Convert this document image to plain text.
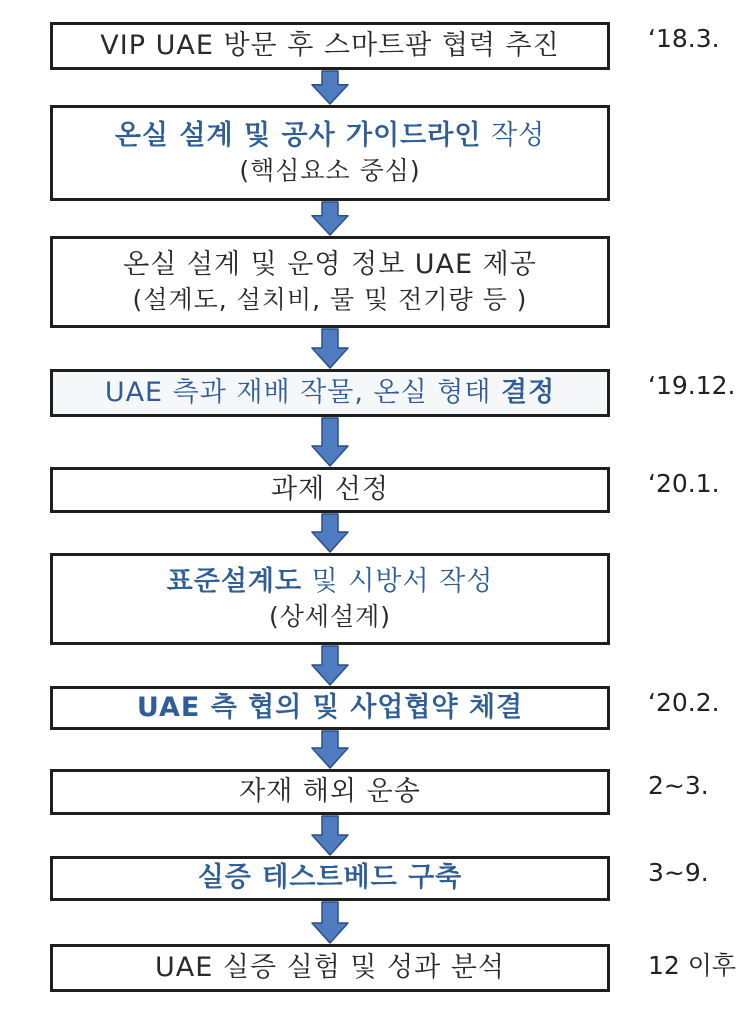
VIP UAE 방문 후 스마트팜 협력 추진	‘18.3.
온실 설계 및 공사 가이드라인 작성
(핵심요소 중심)
온실 설계 및 운영 정보 UAE 제공
(설계도, 설치비, 물 및 전기량 등 )
UAE 측과 재배 작물, 온실 형태 결정	‘19.12.
과제 선정	‘20.1.
표준설계도 및 시방서 작성
(상세설계)
UAE 측 협의 및 사업협약 체결	‘20.2.
자재 해외 운송	2~3.
실증 테스트베드 구축	3~9.
UAE 실증 실험 및 성과 분석	12 이후
